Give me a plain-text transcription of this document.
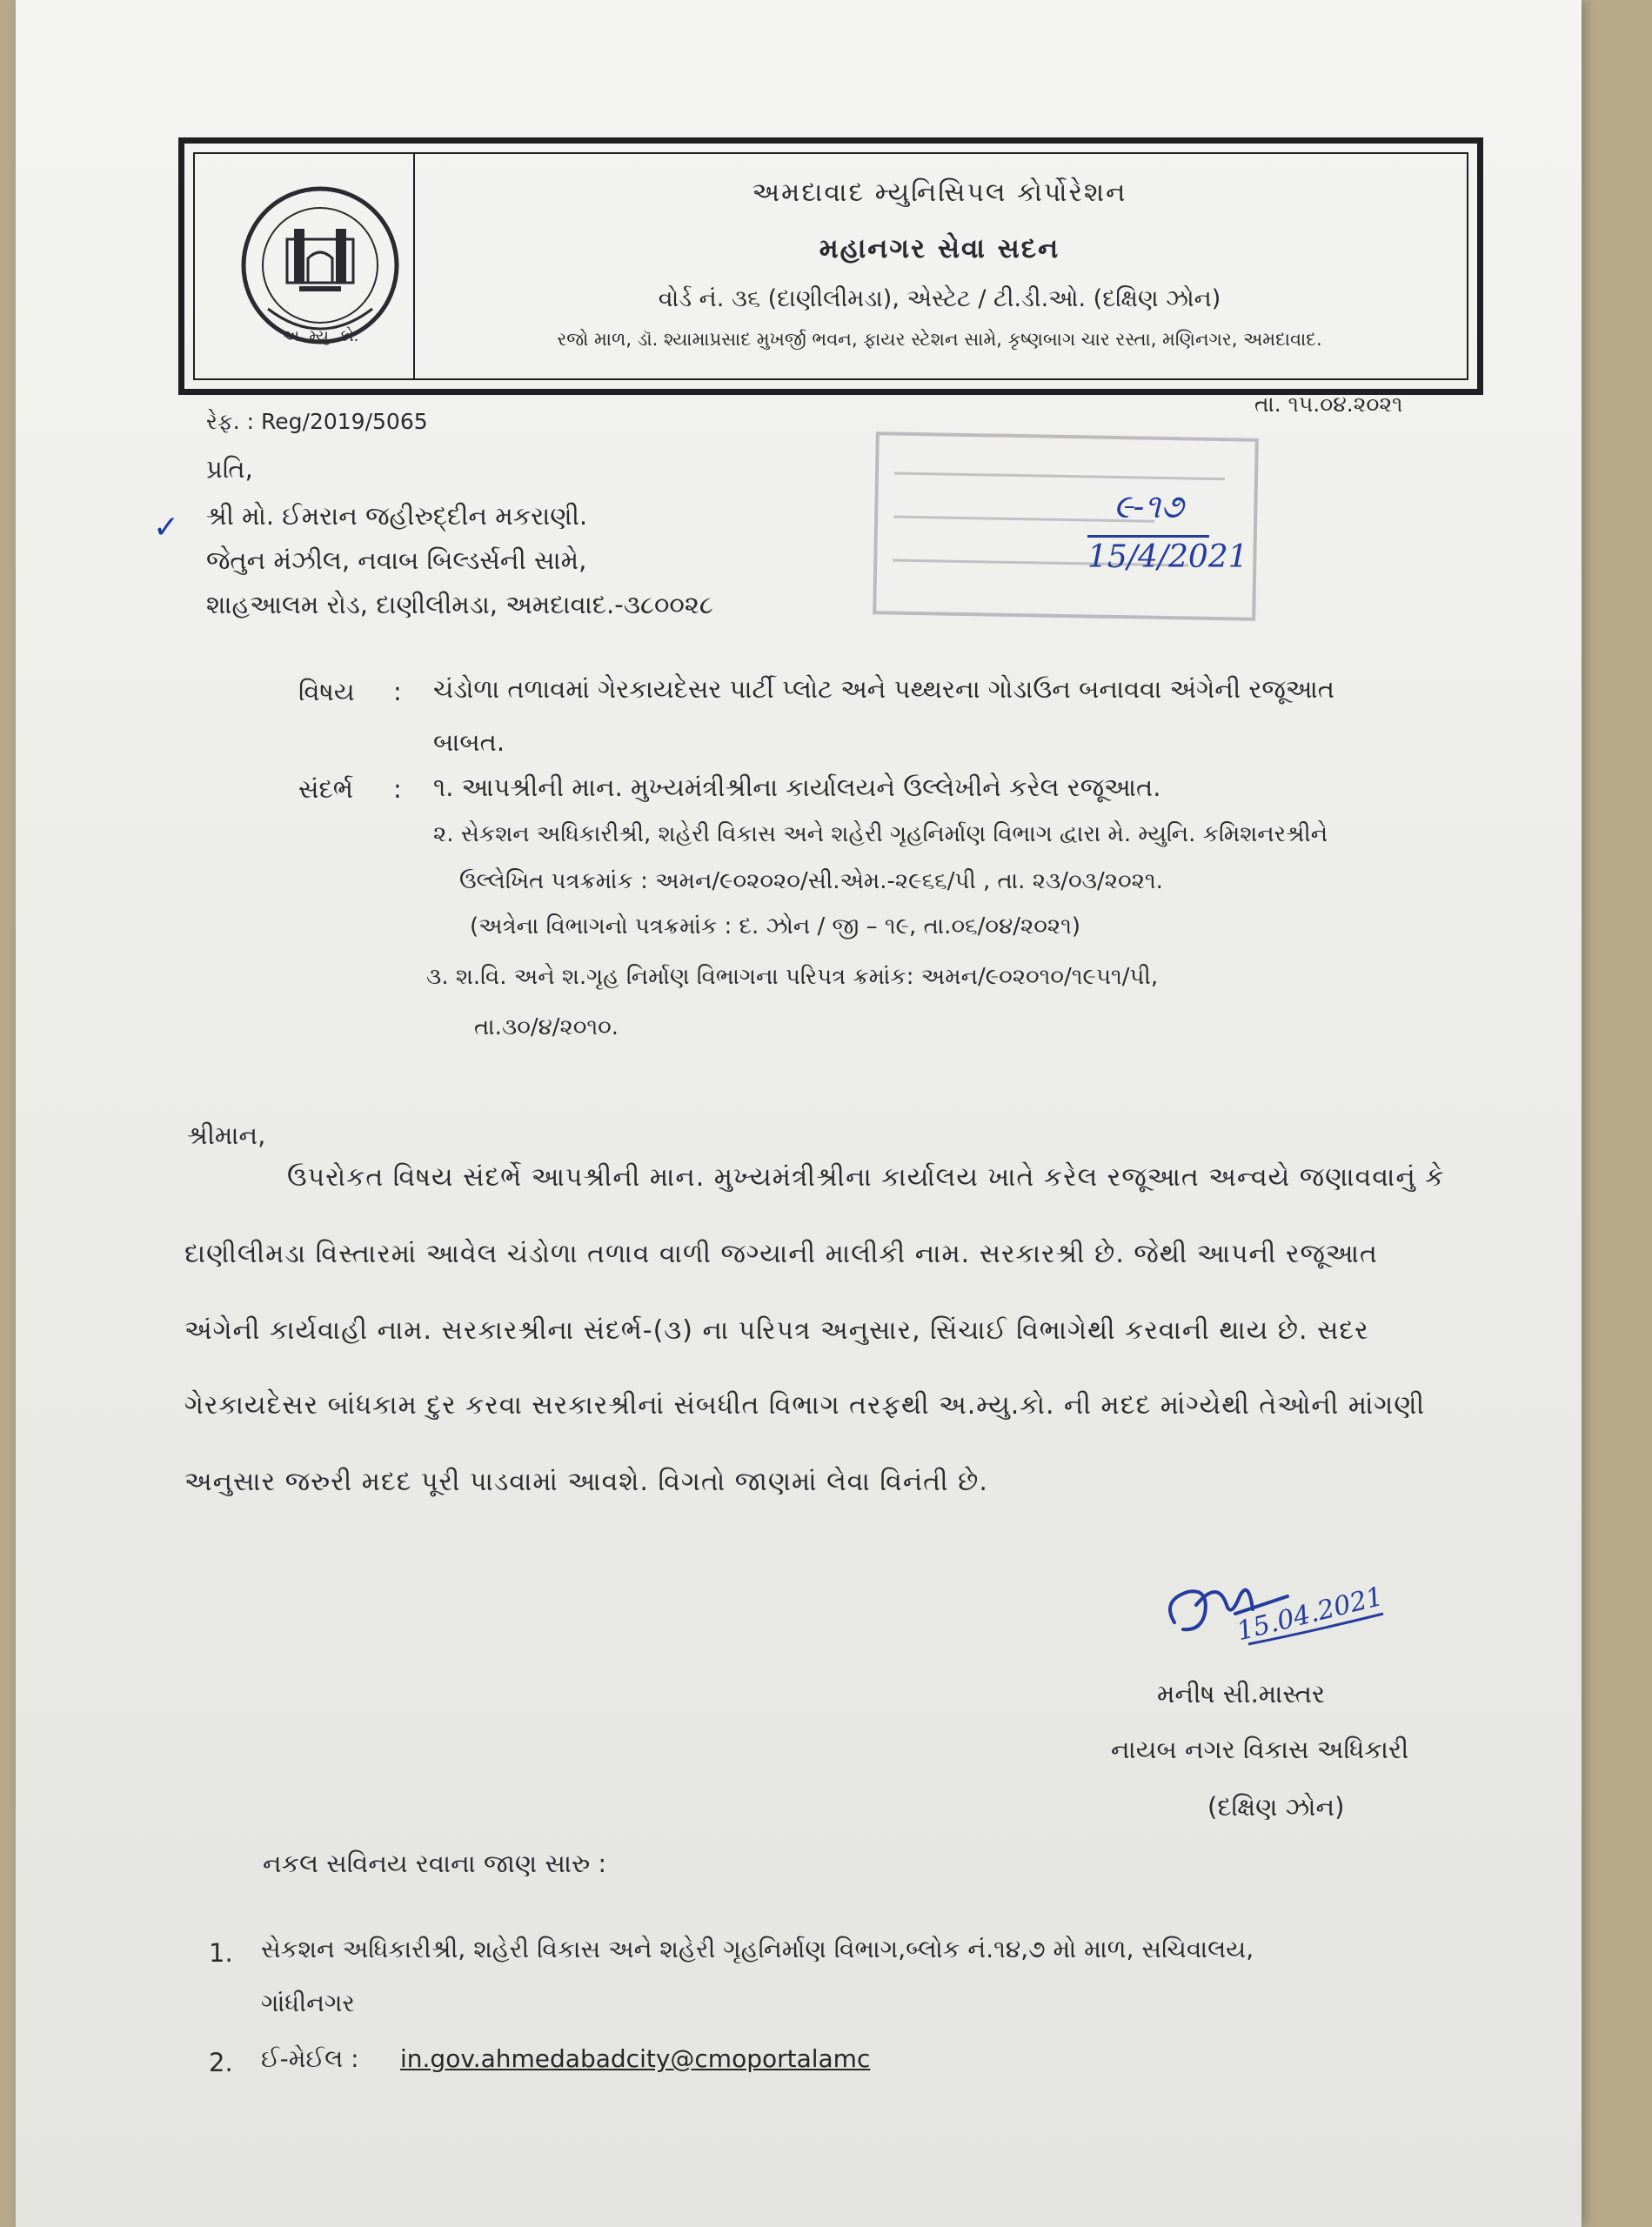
અ. મ્યુ. કો.
અમદાવાદ મ્યુનિસિપલ કોર્પોરેશન
મહાનગર સેવા સદન
વોર્ડ નં. ૩૬ (દાણીલીમડા), એસ્ટેટ / ટી.ડી.ઓ. (દક્ષિણ ઝોન)
રજો માળ, ડૉ. શ્યામાપ્રસાદ મુખર્જી ભવન, ફાયર સ્ટેશન સામે, કૃષ્ણબાગ ચાર રસ્તા, મણિનગર, અમદાવાદ.
રેફ. : Reg/2019/5065
તા. ૧૫.૦૪.૨૦૨૧
પ્રતિ,
✓ શ્રી મો. ઈમરાન જહીરુદ્દીન મકરાણી.
જેતુન મંઝીલ, નવાબ બિલ્ડર્સની સામે,
શાહઆલમ રોડ, દાણીલીમડા, અમદાવાદ.-૩૮૦૦૨૮
૯-૧૭
15/4/2021
વિષય : ચંડોળા તળાવમાં ગેરકાયદેસર પાર્ટી પ્લોટ અને પથ્થરના ગોડાઉન બનાવવા અંગેની રજૂઆત
બાબત.
સંદર્ભ : ૧. આપશ્રીની માન. મુખ્યમંત્રીશ્રીના કાર્યાલયને ઉલ્લેખીને કરેલ રજૂઆત.
૨. સેકશન અધિકારીશ્રી, શહેરી વિકાસ અને શહેરી ગૃહનિર્માણ વિભાગ દ્વારા મે. મ્યુનિ. કમિશનરશ્રીને
ઉલ્લેખિત પત્રક્રમાંક : અમન/૯૦૨૦૨૦/સી.એમ.-૨૯૬૬/પી , તા. ૨૩/૦૩/૨૦૨૧.
(અત્રેના વિભાગનો પત્રક્રમાંક : દ. ઝોન / જી – ૧૯, તા.૦૬/૦૪/૨૦૨૧)
૩. શ.વિ. અને શ.ગૃહ નિર્માણ વિભાગના પરિપત્ર ક્રમાંક: અમન/૯૦૨૦૧૦/૧૯૫૧/પી,
તા.૩૦/૪/૨૦૧૦.
શ્રીમાન,
ઉપરોકત વિષય સંદર્ભે આપશ્રીની માન. મુખ્યમંત્રીશ્રીના કાર્યાલય ખાતે કરેલ રજૂઆત અન્વયે જણાવવાનું કે
દાણીલીમડા વિસ્તારમાં આવેલ ચંડોળા તળાવ વાળી જગ્યાની માલીકી નામ. સરકારશ્રી છે. જેથી આપની રજૂઆત
અંગેની કાર્યવાહી નામ. સરકારશ્રીના સંદર્ભ-(૩) ના પરિપત્ર અનુસાર, સિંચાઈ વિભાગેથી કરવાની થાય છે. સદર
ગેરકાયદેસર બાંધકામ દુર કરવા સરકારશ્રીનાં સંબધીત વિભાગ તરફથી અ.મ્યુ.કો. ની મદદ માંગ્યેથી તેઓની માંગણી
અનુસાર જરુરી મદદ પૂરી પાડવામાં આવશે. વિગતો જાણમાં લેવા વિનંતી છે.
15.04.2021
મનીષ સી.માસ્તર
નાયબ નગર વિકાસ અધિકારી
(દક્ષિણ ઝોન)
નકલ સવિનય રવાના જાણ સારુ :
1. સેકશન અધિકારીશ્રી, શહેરી વિકાસ અને શહેરી ગૃહનિર્માણ વિભાગ,બ્લોક નં.૧૪,૭ મો માળ, સચિવાલય,
ગાંધીનગર
2. ઈ-મેઈલ : in.gov.ahmedabadcity@cmoportalamc
